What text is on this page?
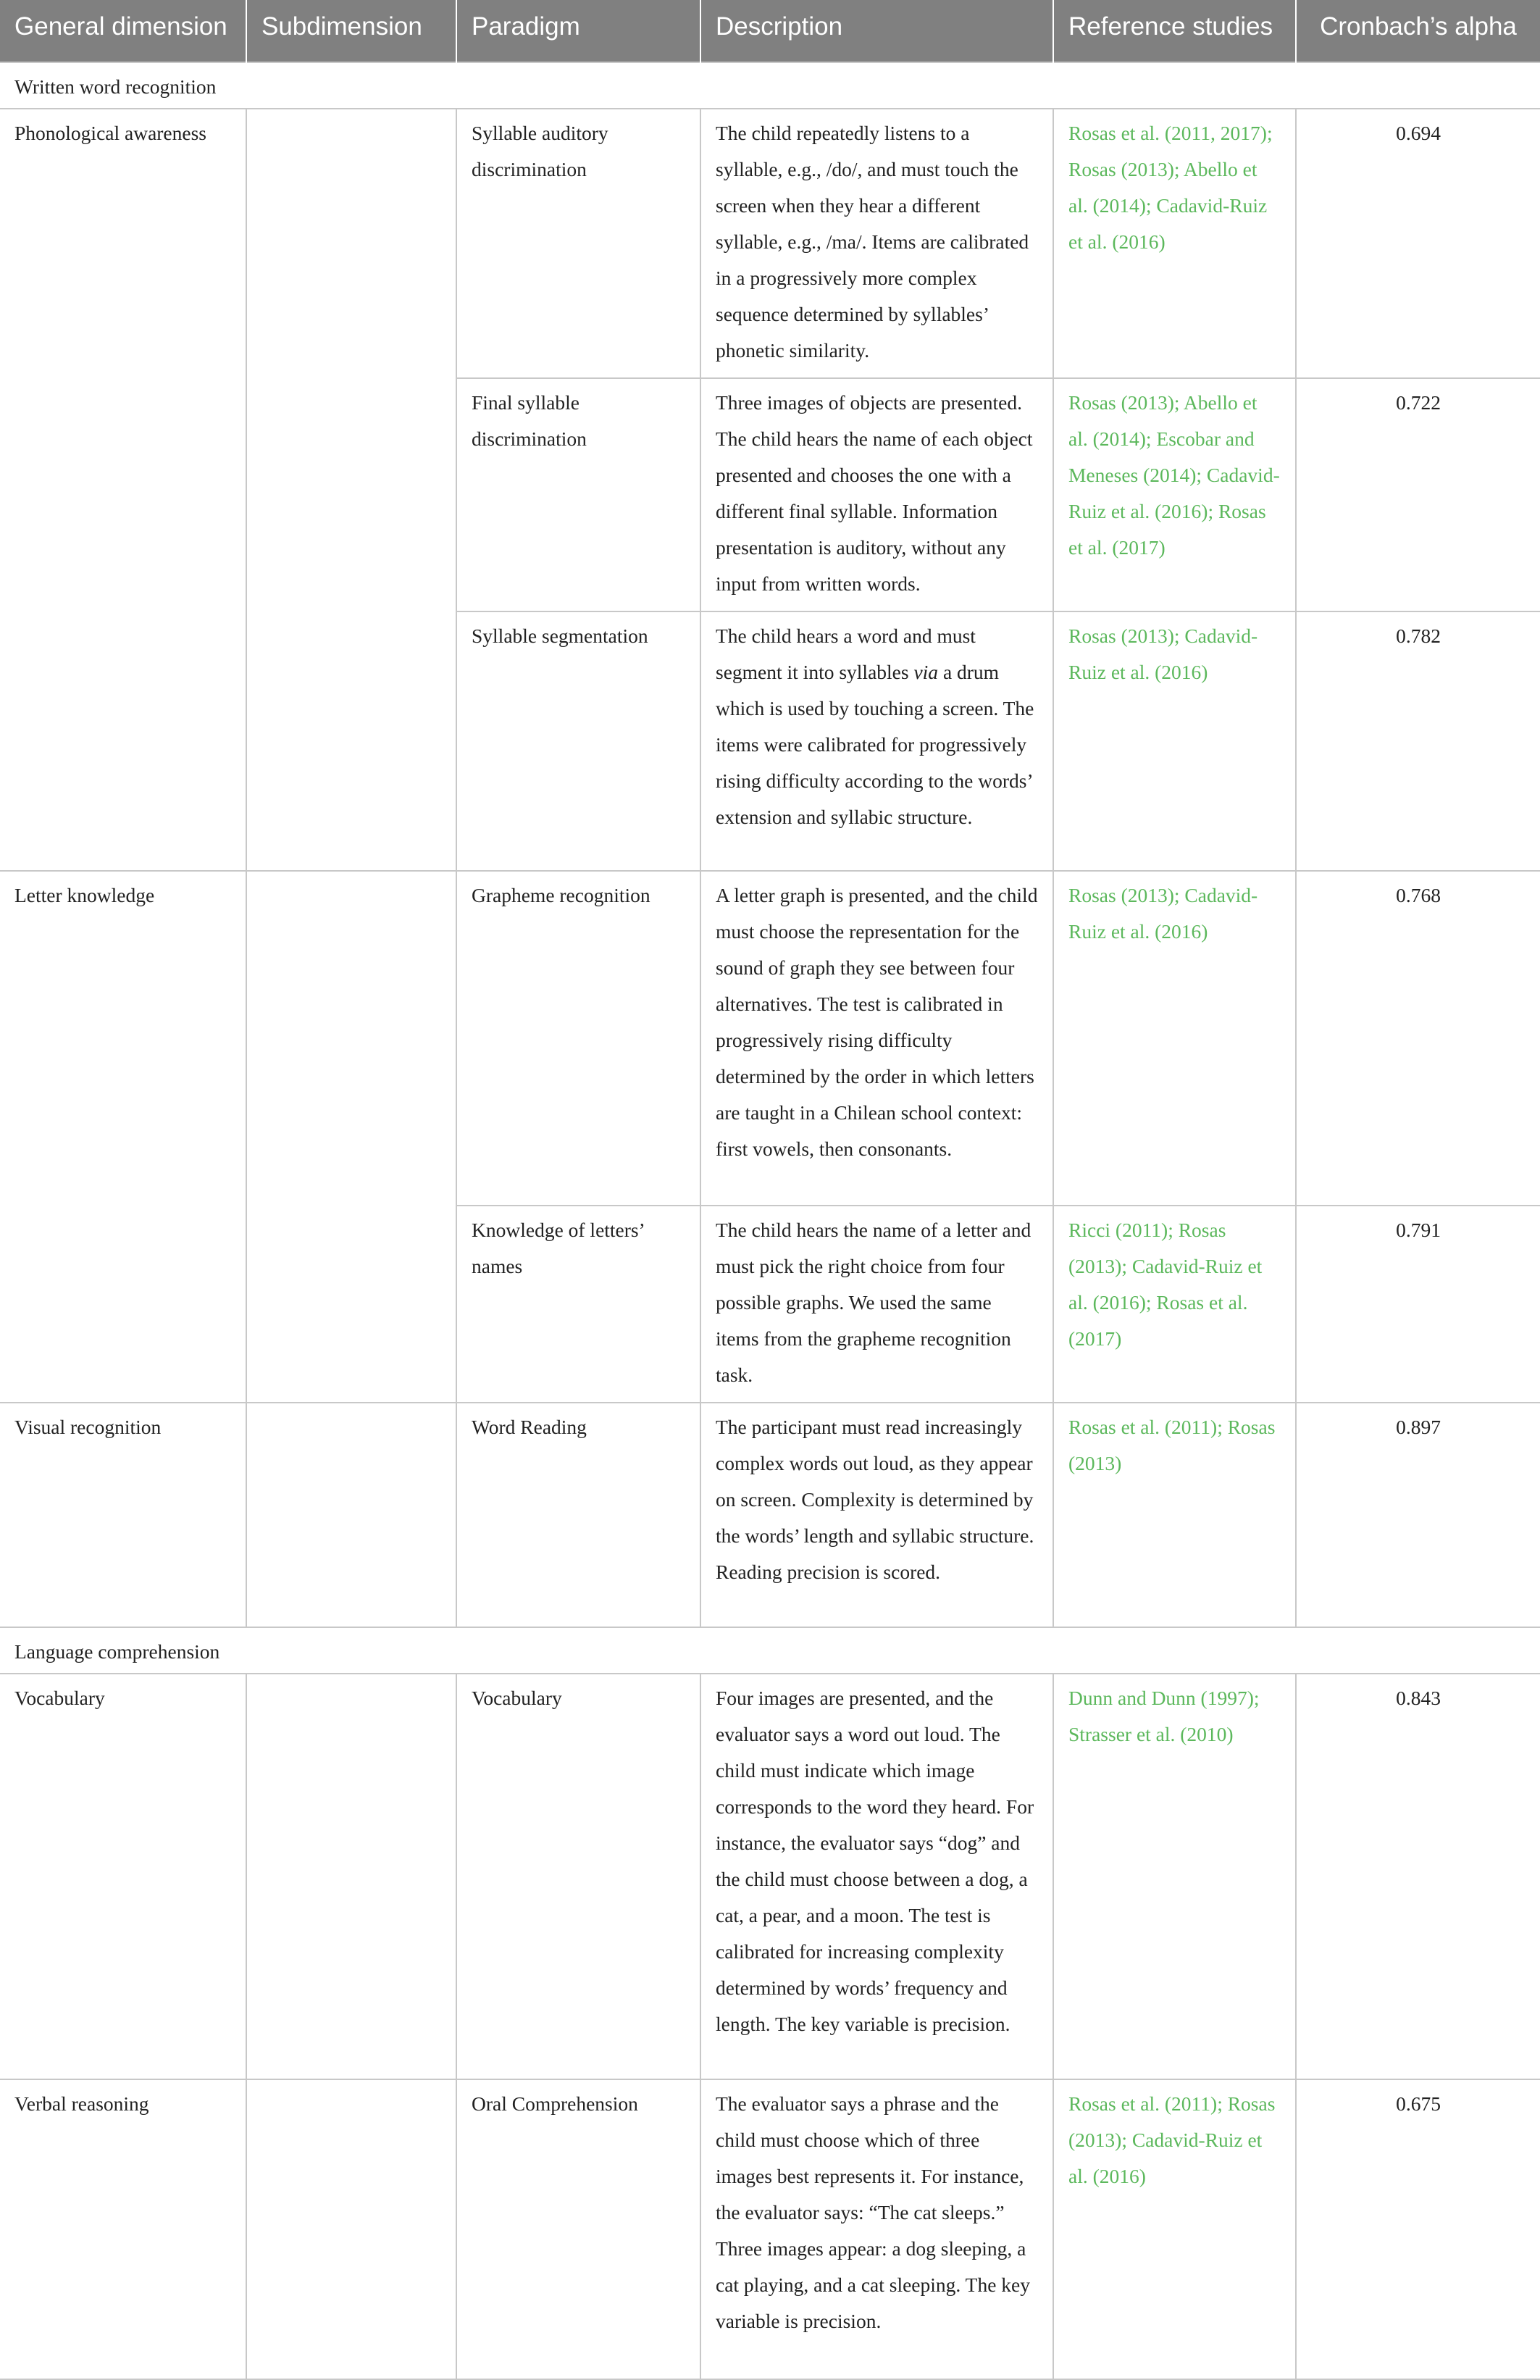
General dimension	Subdimension	Paradigm	Description	Reference studies	Cronbach’s alpha
Written word recognition					
Phonological awareness		Syllable auditory discrimination	The child repeatedly listens to a syllable, e.g., /do/, and must touch the screen when they hear a different syllable, e.g., /ma/. Items are calibrated in a progressively more complex sequence determined by syllables’ phonetic similarity.	Rosas et al. (2011, 2017); Rosas (2013); Abello et al. (2014); Cadavid-Ruiz et al. (2016)	0.694
		Final syllable discrimination	Three images of objects are presented. The child hears the name of each object presented and chooses the one with a different final syllable. Information presentation is auditory, without any input from written words.	Rosas (2013); Abello et al. (2014); Escobar and Meneses (2014); Cadavid-Ruiz et al. (2016); Rosas et al. (2017)	0.722
		Syllable segmentation	The child hears a word and must segment it into syllables via a drum which is used by touching a screen. The items were calibrated for progressively rising difficulty according to the words’ extension and syllabic structure.	Rosas (2013); Cadavid-Ruiz et al. (2016)	0.782
Letter knowledge		Grapheme recognition	A letter graph is presented, and the child must choose the representation for the sound of graph they see between four alternatives. The test is calibrated in progressively rising difficulty determined by the order in which letters are taught in a Chilean school context: first vowels, then consonants.	Rosas (2013); Cadavid-Ruiz et al. (2016)	0.768
		Knowledge of letters’ names	The child hears the name of a letter and must pick the right choice from four possible graphs. We used the same items from the grapheme recognition task.	Ricci (2011); Rosas (2013); Cadavid-Ruiz et al. (2016); Rosas et al. (2017)	0.791
Visual recognition		Word Reading	The participant must read increasingly complex words out loud, as they appear on screen. Complexity is determined by the words’ length and syllabic structure. Reading precision is scored.	Rosas et al. (2011); Rosas (2013)	0.897
Language comprehension					
Vocabulary		Vocabulary	Four images are presented, and the evaluator says a word out loud. The child must indicate which image corresponds to the word they heard. For instance, the evaluator says “dog” and the child must choose between a dog, a cat, a pear, and a moon. The test is calibrated for increasing complexity determined by words’ frequency and length. The key variable is precision.	Dunn and Dunn (1997); Strasser et al. (2010)	0.843
Verbal reasoning		Oral Comprehension	The evaluator says a phrase and the child must choose which of three images best represents it. For instance, the evaluator says: “The cat sleeps.” Three images appear: a dog sleeping, a cat playing, and a cat sleeping. The key variable is precision.	Rosas et al. (2011); Rosas (2013); Cadavid-Ruiz et al. (2016)	0.675
